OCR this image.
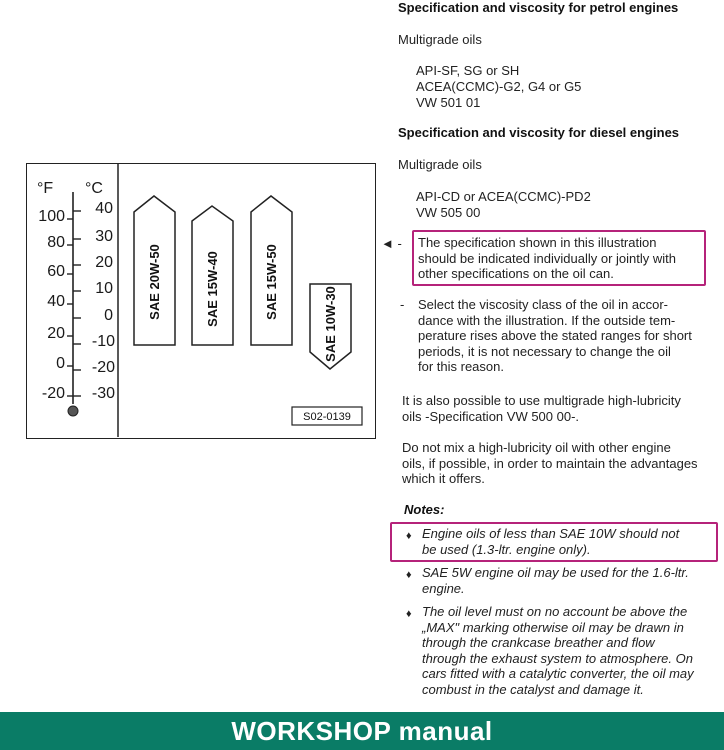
Specification and viscosity for petrol engines
Multigrade oils
API-SF, SG or SH
ACEA(CCMC)-G2, G4 or G5
VW 501 01
Specification and viscosity for diesel engines
Multigrade oils
API-CD or ACEA(CCMC)-PD2
VW 505 00
◄ - The specification shown in this illustration
should be indicated individually or jointly with
other specifications on the oil can.
- Select the viscosity class of the oil in accor-
dance with the illustration. If the outside tem-
perature rises above the stated ranges for short
periods, it is not necessary to change the oil
for this reason.
It is also possible to use multigrade high-lubricity
oils -Specification VW 500 00-.
Do not mix a high-lubricity oil with other engine
oils, if possible, in order to maintain the advantages
which it offers.
Notes:
♦ Engine oils of less than SAE 10W should not
be used (1.3-ltr. engine only).
♦ SAE 5W engine oil may be used for the 1.6-ltr.
engine.
♦ The oil level must on no account be above the
„MAX" marking otherwise oil may be drawn in
through the crankcase breather and flow
through the exhaust system to atmosphere. On
cars fitted with a catalytic converter, the oil may
combust in the catalyst and damage it.
SAE 20W-50	SAE 15W-40	SAE 15W-50
SAE 10W-30
S02-0139
°F °C
100
80
60
40
20
0
-20
40
30
20
10
0
-10
-20
-30
WORKSHOP manual
